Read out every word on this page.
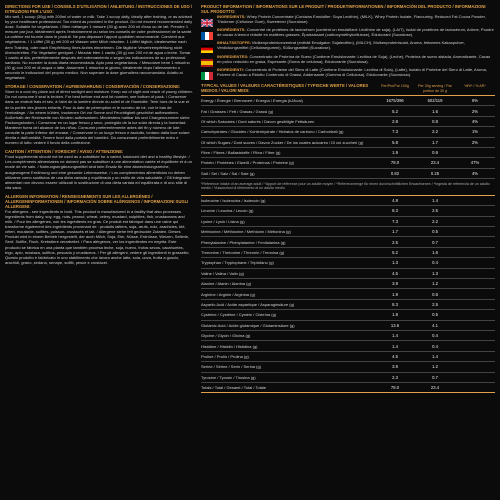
DIRECTIONS FOR USE / CONSEILS D'UTILISATION / ANLEITUNG / INSTRUCCIONES DE USO / ISTRUZIONI PER L'USO:

Mix well, 1 scoop (30g) with 200ml of water or milk. Take 1 scoop daily, ideally after training, or as advised by your healthcare professional. Too mixed as provided in the product. Do not exceed recommended daily dose. Suitable for vegetarians. / Bien mélanger 1 mesure (30 g) avec 200 ml d'eau ou de lait. Prendre 1 mesure par jour, idéalement après l'entraînement ou selon les conseils de votre professionnel de la santé. La caféine est fournie dans le produit. Ne pas dépasser l'apport quotidien recommandé. Convient aux végétariens. / 1 Löffel (30 g) mit 200 ml Wasser oder Milch mischen. 1 Löffel täglich, idealerweise nach dem Training, oder nach Empfehlung Ihres Arztes einnehmen. Die tägliche Verzehrempfehlung nicht überschreiten. Für Vegetarier geeignet. / Mezclar bien 1 cacito (30 g) con 200 ml de agua o leche. Tomar 1 cacito al día, preferiblemente después del entrenamiento o según las indicaciones de su profesional sanitario. No exceder la dosis diaria recomendada. Apto para vegetarianos. / Mescolare bene 1 misurino (30 g) con 200 ml di acqua o latte. Assumere 1 misurino al giorno, idealmente dopo l'allenamento o secondo le indicazioni del proprio medico. Non superare la dose giornaliera raccomandata. Adatto ai vegetariani.

STORAGE / CONSERVATION / AUFBEWAHRUNG / CONSERVACIÓN / CONSERVAZIONE:

Store in a cool dry place out of direct sunlight and moisture. Keep out of sight and reach of young children. Do not consume if seal is broken. For best before end and lot number, see bottom of pack. / Conserver dans un endroit frais et sec, à l'abri de la lumière directe du soleil et de l'humidité. Tenir hors de la vue et de la portée des jeunes enfants. Pour la date de péremption et le numéro de lot, voir le bas de l'emballage. / An einem kühlen, trockenen Ort vor Sonne und Feuchtigkeit geschützt aufbewahren. Außerhalb der Reichweite von Kindern aufbewahren. Mindestens haltbar bis und Chargennummer siehe Packungsboden. / Conservar en un lugar fresco y seco, protegido de la luz solar directa y la humedad. Mantener fuera del alcance de los niños. Consumir preferentemente antes del fin y número de lote: consulte la parte inferior del envase. / Conservare in un luogo fresco e asciutto, lontano dalla luce solare diretta e dall'umidità. Tenere fuori dalla portata dei bambini. Da consumarsi preferibilmente entro e numero di lotto: vedere il fondo della confezione.

CAUTION / ATTENTION / VORSICHT / AVISO / ATTENZIONE:

Food supplements should not be used as a substitute for a varied, balanced diet and a healthy lifestyle. / Les compléments alimentaires ne doivent pas se substituer à une alimentation variée et équilibrée et à un mode de vie sain. / Nahrungsergänzungsmittel sind kein Ersatz für eine abwechslungsreiche, ausgewogene Ernährung und eine gesunde Lebensweise. / Los complementos alimenticios no deben utilizarse como sustitutos de una dieta variada y equilibrada y un estilo de vida saludable. / Gli integratori alimentari non devono essere utilizzati in sostituzione di una dieta variata ed equilibrata e di uno stile di vita sano.

ALLERGEN INFORMATION / RENSEIGNEMENTS SUR LES ALLERGÈNES / ALLERGENINFORMATIONEN / INFORMACIÓN SOBRE ALÉRGENOS / INFORMAZIONI SUGLI ALLERGENI:

For allergens - see ingredients in bold. This product is manufactured in a facility that also processes ingredients from dairy, soy, egg, nuts, peanut, wheat, celery, mustard, sulphites, fish, crustaceans and milk. / Pour les allergènes, voir les ingrédients en gras. Ce produit est fabriqué dans une usine qui transforme également des ingrédients provenant de : produits laitiers, soja, œufs, noix, arachides, blé, céleri, moutarde, sulfites, poisson, crustacés et lait. / Allergene siehe fett gedruckte Zutaten. Dieses Produkt wird in einem Betrieb hergestellt, der auch Milch, Soja, Eier, Nüsse, Erdnüsse, Weizen, Sellerie, Senf, Sulfite, Fisch, Krebstiere verarbeitet. / Para alérgenos, ver los ingredientes en negrita. Este producto se fabrica en una planta que también procesa leche, soja, huevo, frutos secos, cacahuetes, trigo, apio, mostaza, sulfitos, pescado y crustáceos. / Per gli allergeni, vedere gli ingredienti in grassetto. Questo prodotto è fabbricato in uno stabilimento che lavora anche latte, soia, uova, frutta a guscio, arachidi, grano, sedano, senape, solfiti, pesce e crostacei.

PRODUCT INFORMATION / INFORMATIONS SUR LE PRODUIT / PRODUKTINFORMATIONEN / INFORMACIÓN DEL PRODUCTO / INFORMAZIONI SUL PRODOTTO:

INGREDIENTS: Whey Protein Concentrate (Contains Emulsifier: Soya Lecithin), (MILK), Whey Protein Isolate, Flavouring, Reduced Fat Cocoa Powder, Thickener (Cellulose Gum), Sweetener (Sucralose).
INGRÉDIENTS: Concentré de protéines de lactosérum (contient un émulsifiant: Lécithine de soja), (LAIT), Isolat de protéines de lactosérum, Arôme, Poudre de cacao à teneur réduite en matières grasses, Épaississant (carboxyméthylcellulose), Édulcorant (Sucralose).
INHALTSSTOFFE: Molkenproteinkonzentrat (enthält Emulgator: Sojalecithin), (MILCH), Molkenproteinisolat, Aroma, fettarmes Kakaopulver, Verdickungsmittel (Cellulosegummi), Süßungsmittel (Sucralose).
INGREDIENTES: Concentrado de Proteína de Suero (Contiene Emulsionante: Lecitina de Soja), (Leche), Proteína de suero aislada, Aromatizante, Cacao en polvo reducido en grasa, Espesante (Goma de celulosa), Edulcorante (Sucralosa).
INGREDIENTI: Concentrato di Proteine del Siero di Latte (Contiene Emulsionante: Lecitina di Soia), (Latte), Isolato di Proteine del Siero di Latte, Aroma, Polvere di Cacao a Ridotto Contenuto di Grassi, Addensante (Gomma di Cellulosa), Edulcorante (Sucralosio).
TYPICAL VALUES / VALEURS CARACTÉRISTIQUES / TYPISCHE WERTE / VALORES MEDIOS / VALORI MEDI:
Per/Pro/Por 100g	Per 30g serving / Par portion de 30 g
%RI* / % AR*
Energy / Énergie / Brennwert / Energía / Energia (kJ/kcal)	1675/396	502/119	6%
Fat / Graisses / Fett / Grasas / Grassi (g)	5.2	1.6	2%
Of which Saturates / Dont saturés / Davon gesättigte Fettsäuren	2.8	0.8	4%
Carbohydrates / Glucides / Kohlenhydrate / Hidratos de carbono / Carboidrati (g)	7.3	2.2	1%
Of which Sugars / Dont sucres / Davon Zucker / De los cuales azúcares / Di cui zuccheri (g)	5.8	1.7	2%
Fibre / Fibres / Ballaststoffe / Fibra / Fibre (g)	1.9	0.6
Protein / Protéines / Eiweiß / Proteínas / Proteine (g)	78.0	23.4	47%
Salt / Sel / Salz / Sal / Sale (g)	0.82	0.25	4%

*Reference intake of an average adult / *Apport de référence pour un adulte moyen / *Referenzmenge für einen durchschnittlichen Erwachsenen / *Ingesta de referencia de un adulto medio / *Assunzioni di riferimento di un adulto medio

Isoleucine / Isoleucina / Isoleucin (g)	4.8	1.4
Leucine / Leucina / Leucin (g)	8.3	2.5
Lysine / Lysin / Lisina (g)	7.3	2.2
Methionine / Méthionine / Methionin / Metionina (g)	1.7	0.5
Phenylalanine / Phénylalanine / Fenilalanina (g)	2.5	0.7
Threonine / Thréonine / Threonin / Treonina (g)	5.2	1.6
Tryptophan / Tryptophane / Triptófano (g)	1.3	0.4
Valine / Valina / Valin (g)	4.5	1.3
Alanine / Alanin / Alanina (g)	3.9	1.2
Arginine / Arginin / Arginina (g)	1.9	0.6
Aspartic Acid / Acide aspartique / Asparaginsäure (g)	8.3	2.5
Cysteine / Cystéine / Cystein / Cisteína (g)	1.8	0.5
Glutamic Acid / Acide glutamique / Glutaminsäure (g)	13.6	4.1
Glycine / Glycin / Glicina (g)	1.4	0.4
Histidine / Histidin / Histidina (g)	1.4	0.4
Proline / Prolin / Prolina (g)	4.5	1.4
Serine / Sérine / Serin / Serina (g)	3.9	1.2
Tyrosine / Tyrosin / Tirosina (g)	2.3	0.7
Totals / Total / Gesamt / Total / Totale	78.0	23.4
